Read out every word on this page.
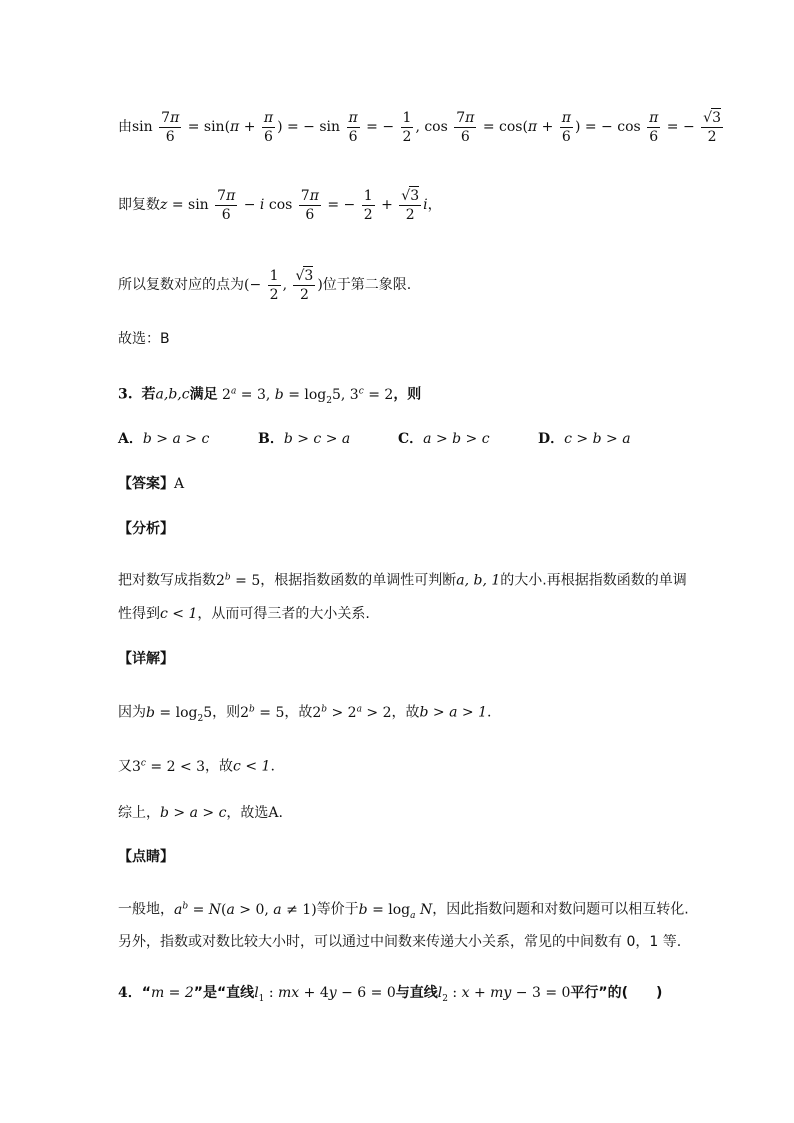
由$\sin \frac{7\pi}{6} = \sin(\pi + \frac{\pi}{6}$ ) = − $\sin \frac{\pi}{6}$ = − $\frac{1}{2}$ , $\cos \frac{7\pi}{6} = \cos(\pi + \frac{\pi}{6}$ ) = − $\cos \frac{\pi}{6}$ = − $\frac{√3}{2}$
即复数$z = \sin \frac{7\pi}{6} - i$ $\cos \frac{7\pi}{6}$ = − $\frac{1}{2} + \frac{√3}{2}$ i，
所以复数对应的点为(− $\frac{1}{2}$ , $\frac{√3}{2}$ )位于第二象限.
故选：B
3. 若a,b,c满足 $2^a = 3$, $b = \log_25$, $3^c = 2$，则
A．b > a > c	B．b > c > a	C．a > b > c	D．c > b > a
【答案】A
【分析】
把对数写成指数$2^b = 5$，根据指数函数的单调性可判断a, b, 1的大小.再根据指数函数的单调
性得到c < 1，从而可得三者的大小关系.
【详解】
因为$b = \log_25$，则$2^b = 5$，故$2^b > 2^a > 2$，故b > a > 1.
又$3^c = 2 < 3$，故c < 1.
综上，b > a > c，故选A.
【点睛】
一般地，$a^b = N(a > 0$, a ≠ 1)等价于$b = \log_a N$，因此指数问题和对数问题可以相互转化.
另外，指数或对数比较大小时，可以通过中间数来传递大小关系，常见的中间数有 0，1 等.
4．“m = 2”是“直线$l_1$ : mx + 4y − 6 = 0与直线$l_2$ : x + my − 3 = 0平行”的(　　)
